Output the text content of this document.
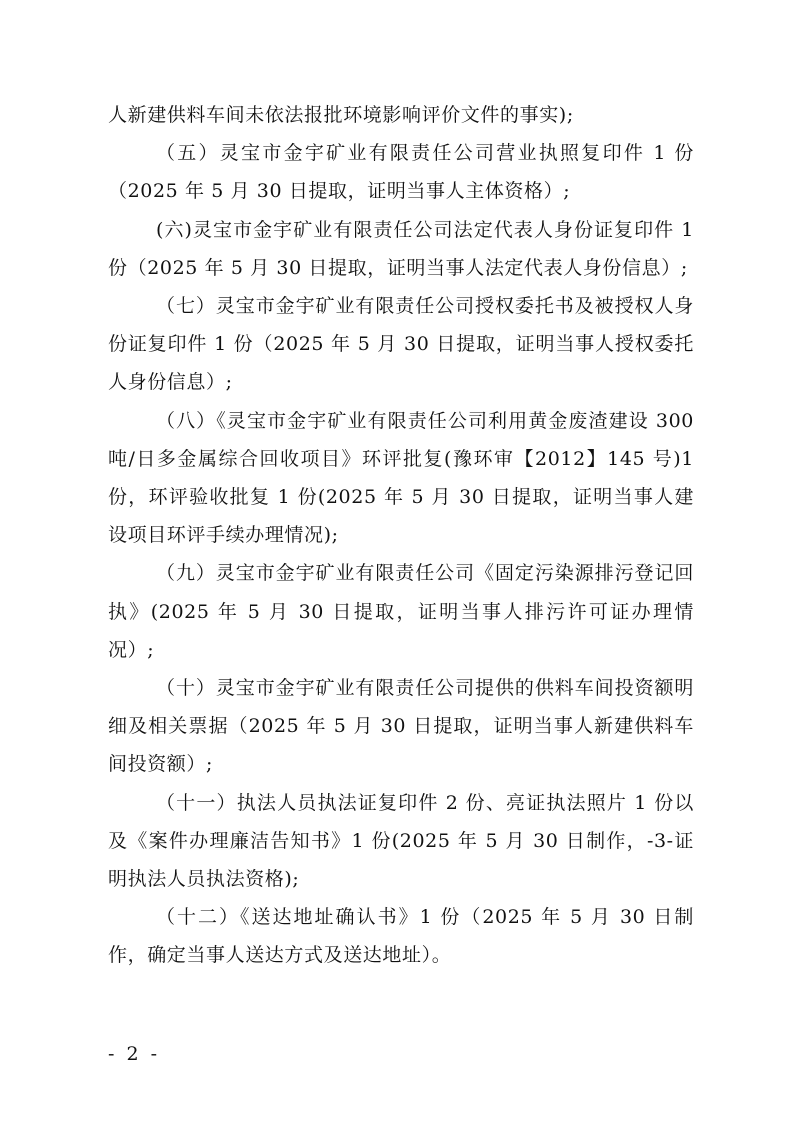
人新建供料车间未依法报批环境影响评价文件的事实);

（五）灵宝市金宇矿业有限责任公司营业执照复印件 1 份（2025 年 5 月 30 日提取，证明当事人主体资格）;

(六)灵宝市金宇矿业有限责任公司法定代表人身份证复印件 1 份（2025 年 5 月 30 日提取，证明当事人法定代表人身份信息）;

（七）灵宝市金宇矿业有限责任公司授权委托书及被授权人身份证复印件 1 份（2025 年 5 月 30 日提取，证明当事人授权委托人身份信息）;

（八）《灵宝市金宇矿业有限责任公司利用黄金废渣建设 300 吨/日多金属综合回收项目》环评批复(豫环审【2012】145 号)1 份，环评验收批复 1 份(2025 年 5 月 30 日提取，证明当事人建设项目环评手续办理情况);

（九）灵宝市金宇矿业有限责任公司《固定污染源排污登记回执》(2025 年 5 月 30 日提取，证明当事人排污许可证办理情况）;

（十）灵宝市金宇矿业有限责任公司提供的供料车间投资额明细及相关票据（2025 年 5 月 30 日提取，证明当事人新建供料车间投资额）;

（十一）执法人员执法证复印件 2 份、亮证执法照片 1 份以及《案件办理廉洁告知书》1 份(2025 年 5 月 30 日制作，-3-证明执法人员执法资格);

（十二）《送达地址确认书》1 份（2025 年 5 月 30 日制作，确定当事人送达方式及送达地址）。

- 2 -
